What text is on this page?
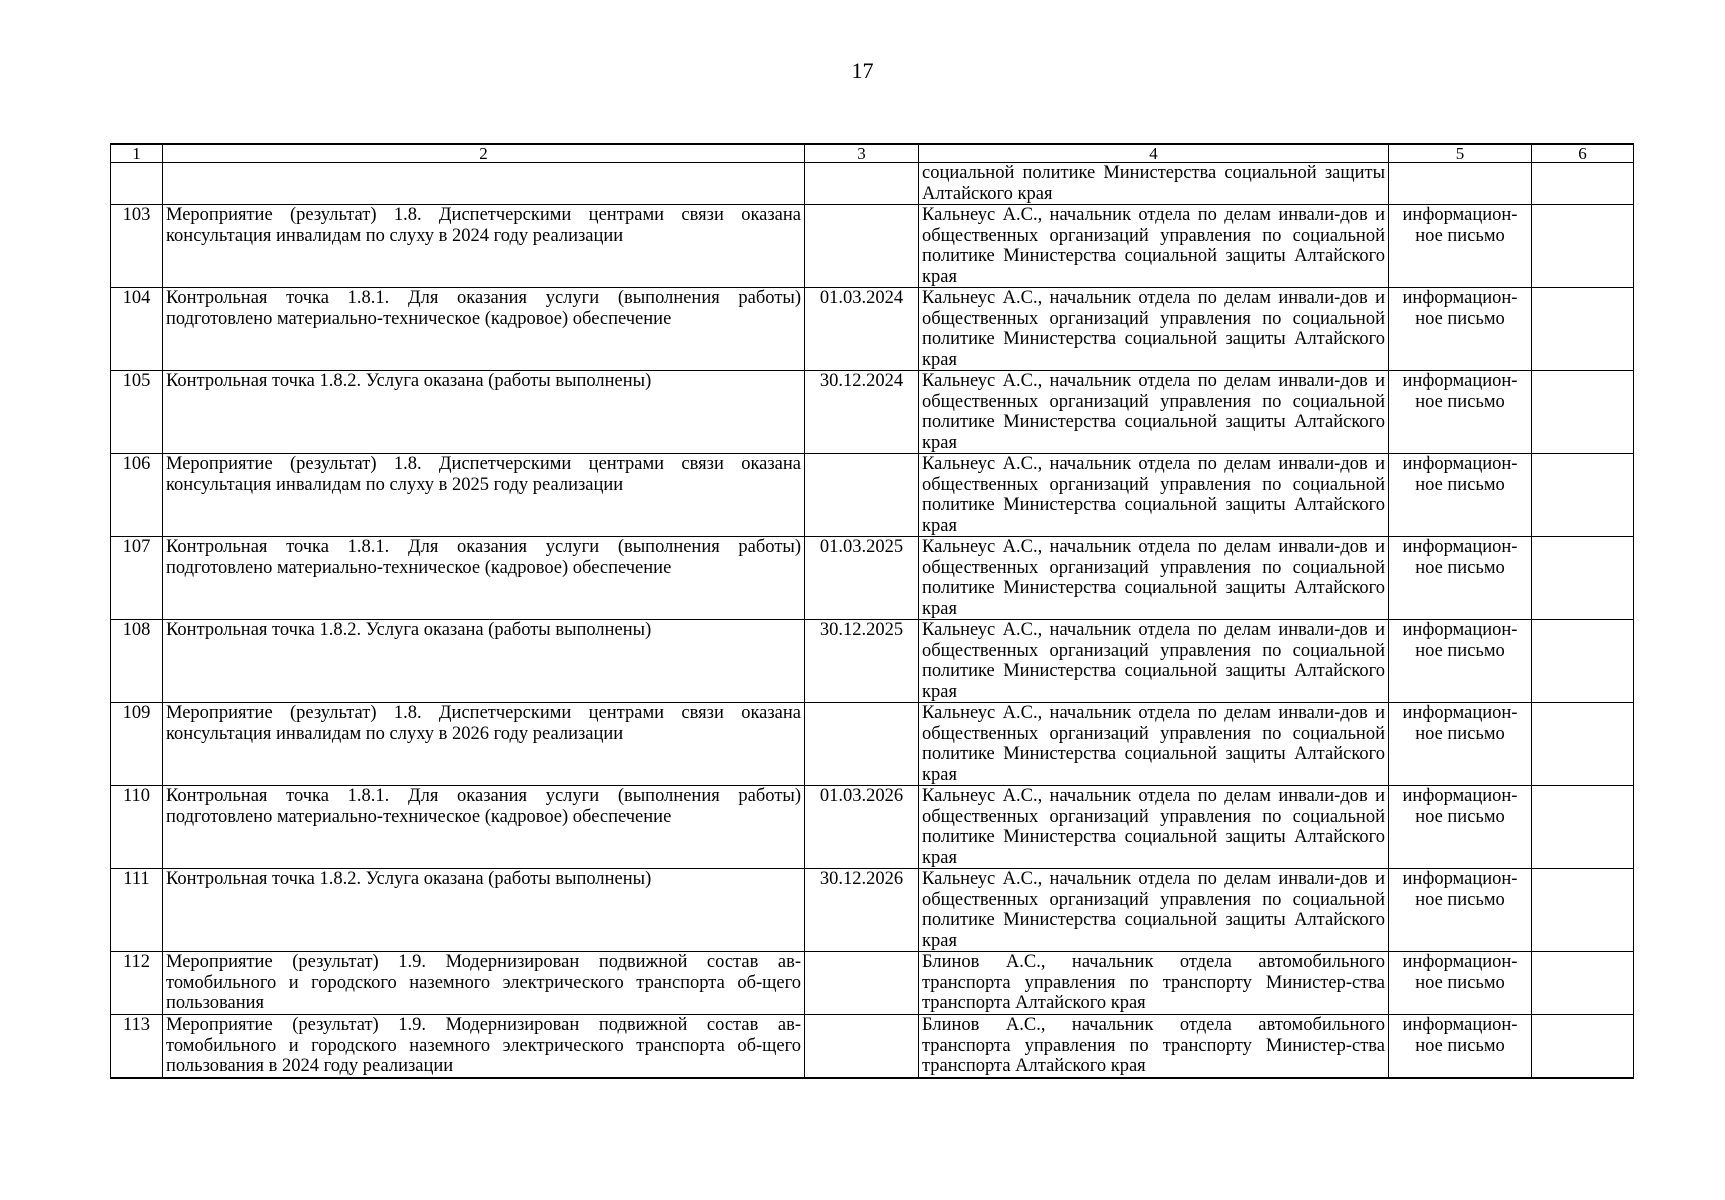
17
1	2	3	4	5	6
			социальной политике Министерства социальной защиты Алтайского края		
103	Мероприятие (результат) 1.8. Диспетчерскими центрами связи оказана консультация инвалидам по слуху в 2024 году реализации		Кальнеус А.С., начальник отдела по делам инвали-дов и общественных организаций управления по социальной политике Министерства социальной защиты Алтайского края	информацион-ное письмо	
104	Контрольная точка 1.8.1. Для оказания услуги (выполнения работы) подготовлено материально-техническое (кадровое) обеспечение	01.03.2024	Кальнеус А.С., начальник отдела по делам инвали-дов и общественных организаций управления по социальной политике Министерства социальной защиты Алтайского края	информацион-ное письмо	
105	Контрольная точка 1.8.2. Услуга оказана (работы выполнены)	30.12.2024	Кальнеус А.С., начальник отдела по делам инвали-дов и общественных организаций управления по социальной политике Министерства социальной защиты Алтайского края	информацион-ное письмо	
106	Мероприятие (результат) 1.8. Диспетчерскими центрами связи оказана консультация инвалидам по слуху в 2025 году реализации		Кальнеус А.С., начальник отдела по делам инвали-дов и общественных организаций управления по социальной политике Министерства социальной защиты Алтайского края	информацион-ное письмо	
107	Контрольная точка 1.8.1. Для оказания услуги (выполнения работы) подготовлено материально-техническое (кадровое) обеспечение	01.03.2025	Кальнеус А.С., начальник отдела по делам инвали-дов и общественных организаций управления по социальной политике Министерства социальной защиты Алтайского края	информацион-ное письмо	
108	Контрольная точка 1.8.2. Услуга оказана (работы выполнены)	30.12.2025	Кальнеус А.С., начальник отдела по делам инвали-дов и общественных организаций управления по социальной политике Министерства социальной защиты Алтайского края	информацион-ное письмо	
109	Мероприятие (результат) 1.8. Диспетчерскими центрами связи оказана консультация инвалидам по слуху в 2026 году реализации		Кальнеус А.С., начальник отдела по делам инвали-дов и общественных организаций управления по социальной политике Министерства социальной защиты Алтайского края	информацион-ное письмо	
110	Контрольная точка 1.8.1. Для оказания услуги (выполнения работы) подготовлено материально-техническое (кадровое) обеспечение	01.03.2026	Кальнеус А.С., начальник отдела по делам инвали-дов и общественных организаций управления по социальной политике Министерства социальной защиты Алтайского края	информацион-ное письмо	
111	Контрольная точка 1.8.2. Услуга оказана (работы выполнены)	30.12.2026	Кальнеус А.С., начальник отдела по делам инвали-дов и общественных организаций управления по социальной политике Министерства социальной защиты Алтайского края	информацион-ное письмо	
112	Мероприятие (результат) 1.9. Модернизирован подвижной состав ав-томобильного и городского наземного электрического транспорта об-щего пользования		Блинов А.С., начальник отдела автомобильного транспорта управления по транспорту Министер-ства транспорта Алтайского края	информацион-ное письмо	
113	Мероприятие (результат) 1.9. Модернизирован подвижной состав ав-томобильного и городского наземного электрического транспорта об-щего пользования в 2024 году реализации		Блинов А.С., начальник отдела автомобильного транспорта управления по транспорту Министер-ства транспорта Алтайского края	информацион-ное письмо	
